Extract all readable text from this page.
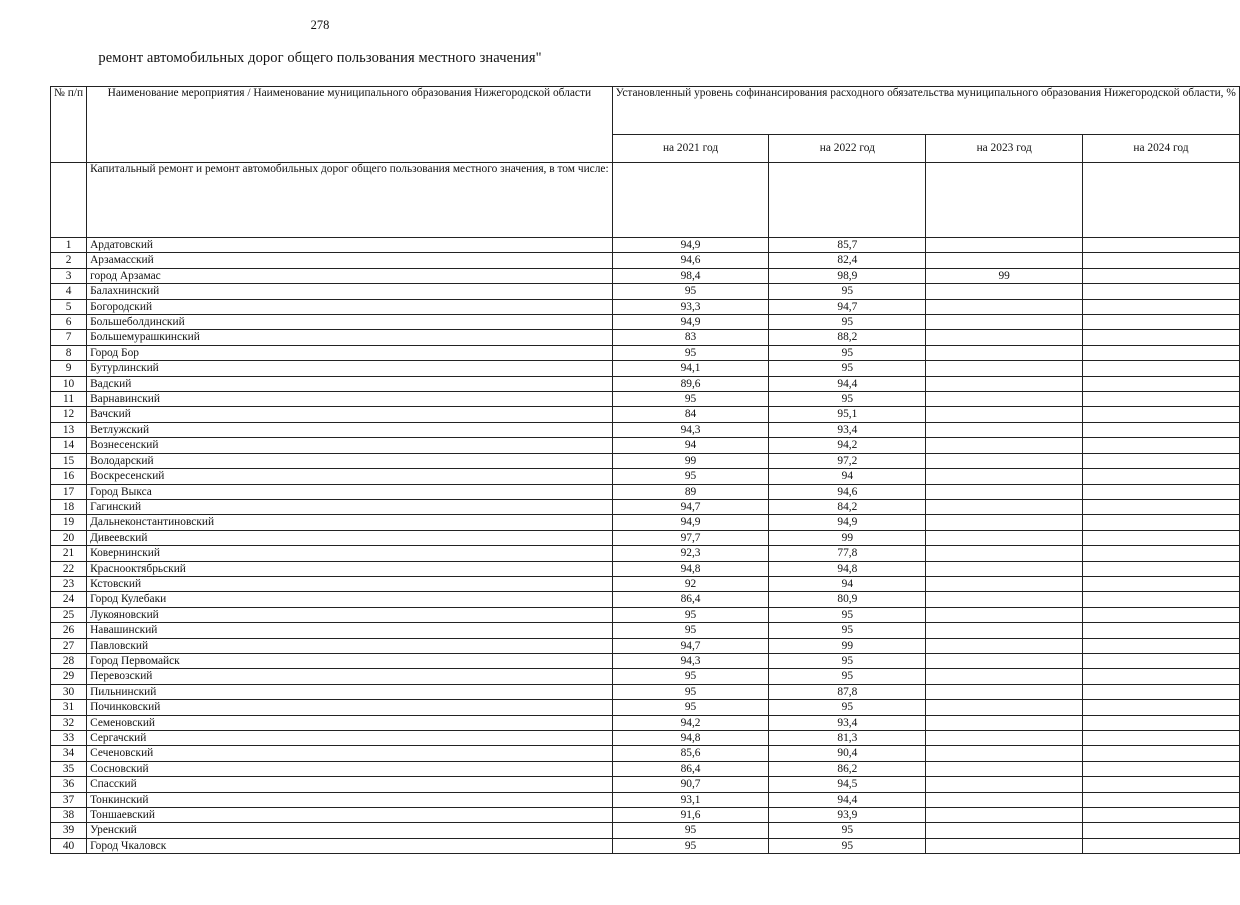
278
ремонт автомобильных дорог общего пользования местного значения"
№ п/п	Наименование мероприятия / Наименование муниципального образования Нижегородской области	Установленный уровень софинансирования расходного обязательства муниципального образования Нижегородской области, %			
		на 2021 год	на 2022 год	на 2023 год	на 2024 год
	Капитальный ремонт и ремонт автомобильных дорог общего пользования местного значения, в том числе:				
1	Ардатовский	94,9	85,7		
2	Арзамасский	94,6	82,4		
3	город Арзамас	98,4	98,9	99	
4	Балахнинский	95	95		
5	Богородский	93,3	94,7		
6	Большеболдинский	94,9	95		
7	Большемурашкинский	83	88,2		
8	Город Бор	95	95		
9	Бутурлинский	94,1	95		
10	Вадский	89,6	94,4		
11	Варнавинский	95	95		
12	Вачский	84	95,1		
13	Ветлужский	94,3	93,4		
14	Вознесенский	94	94,2		
15	Володарский	99	97,2		
16	Воскресенский	95	94		
17	Город Выкса	89	94,6		
18	Гагинский	94,7	84,2		
19	Дальнеконстантиновский	94,9	94,9		
20	Дивеевский	97,7	99		
21	Ковернинский	92,3	77,8		
22	Краснооктябрьский	94,8	94,8		
23	Кстовский	92	94		
24	Город Кулебаки	86,4	80,9		
25	Лукояновский	95	95		
26	Навашинский	95	95		
27	Павловский	94,7	99		
28	Город Первомайск	94,3	95		
29	Перевозский	95	95		
30	Пильнинский	95	87,8		
31	Починковский	95	95		
32	Семеновский	94,2	93,4		
33	Сергачский	94,8	81,3		
34	Сеченовский	85,6	90,4		
35	Сосновский	86,4	86,2		
36	Спасский	90,7	94,5		
37	Тонкинский	93,1	94,4		
38	Тоншаевский	91,6	93,9		
39	Уренский	95	95		
40	Город Чкаловск	95	95		
